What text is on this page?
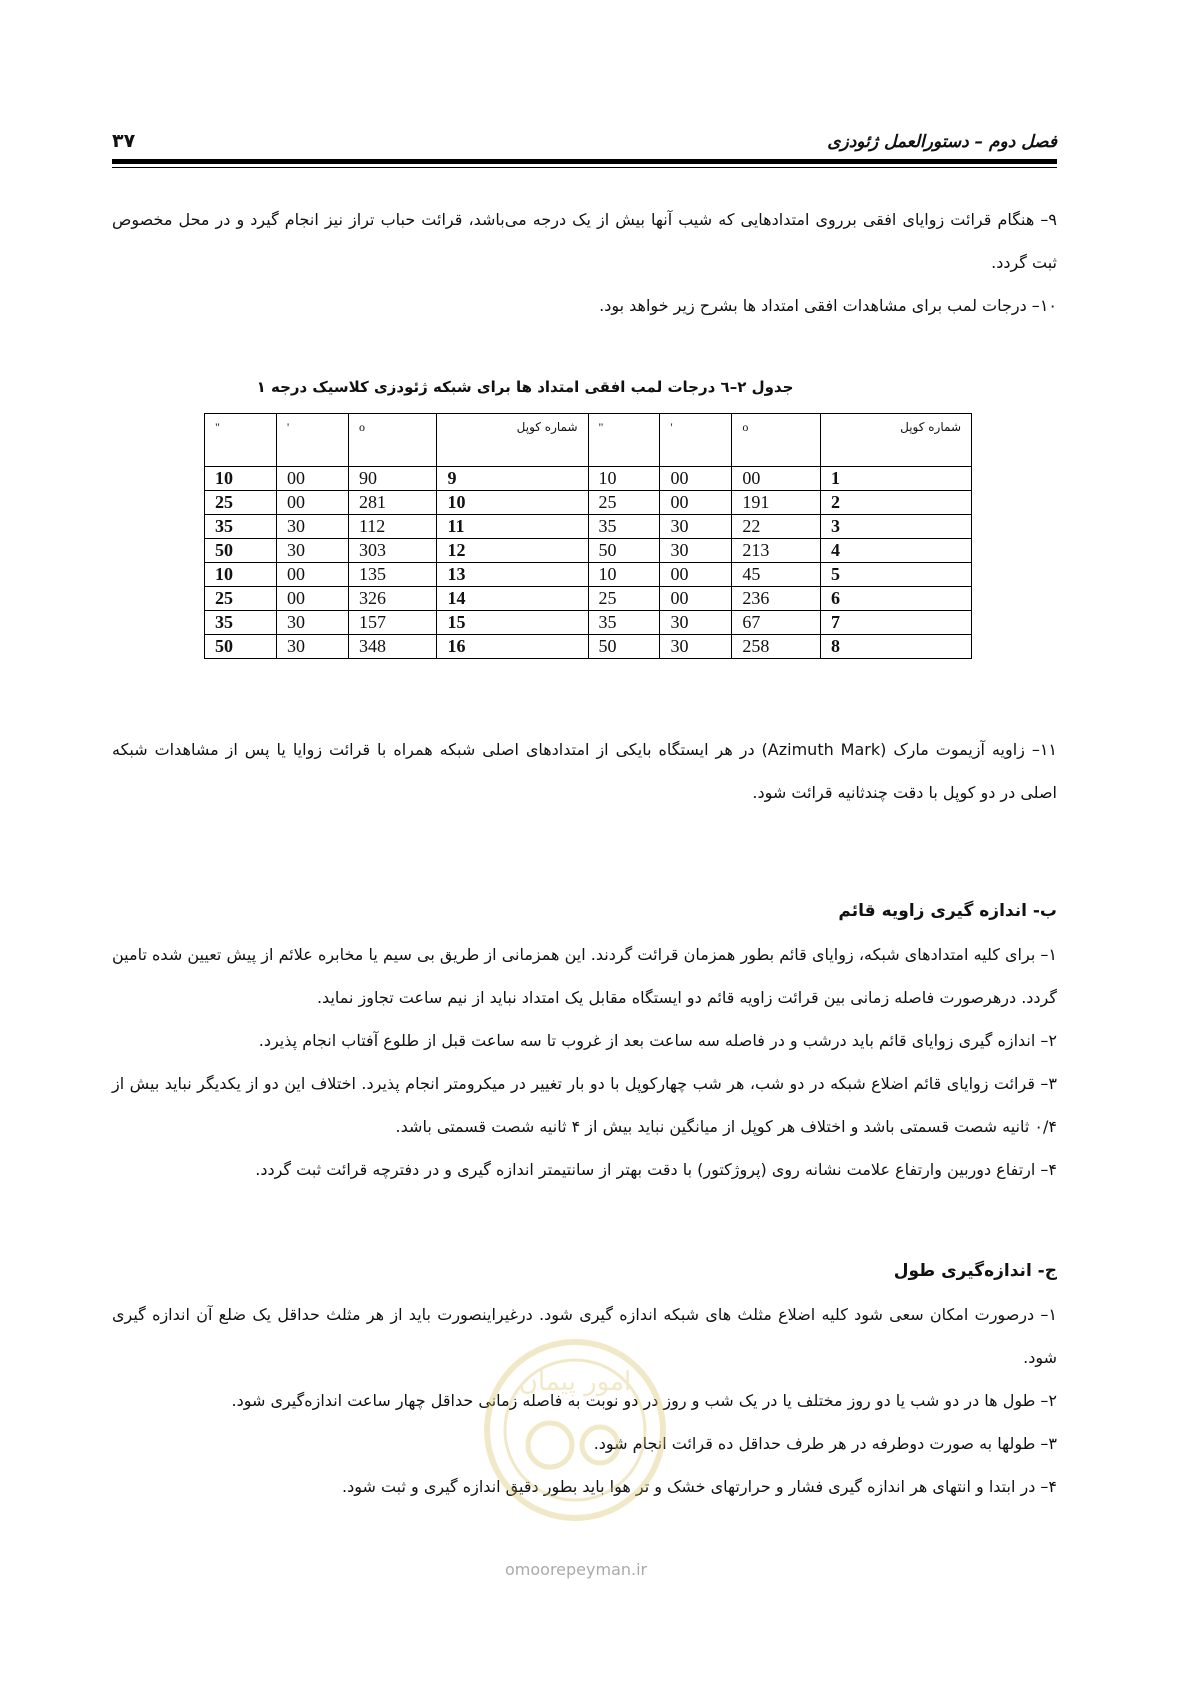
فصل دوم – دستورالعمل ژئودزی
۳۷

۹– هنگام قرائت زوایای افقی برروی امتدادهایی که شیب آنها بیش از یک درجه می‌باشد، قرائت حباب تراز نیز انجام گیرد و در محل مخصوص ثبت گردد.

۱۰– درجات لمب برای مشاهدات افقی امتداد ها بشرح زیر خواهد بود.

جدول ۲–٦ درجات لمب افقی امتداد ها برای شبکه ژئودزی کلاسیک درجه ۱
شماره کوپل	o	'	"	شماره کوپل	o	'	"
1	00	00	10	9	90	00	10
2	191	00	25	10	281	00	25
3	22	30	35	11	112	30	35
4	213	30	50	12	303	30	50
5	45	00	10	13	135	00	10
6	236	00	25	14	326	00	25
7	67	30	35	15	157	30	35
8	258	30	50	16	348	30	50

۱۱– زاویه آزیموت مارک (Azimuth Mark) در هر ایستگاه بایکی از امتدادهای اصلی شبکه همراه با قرائت زوایا یا پس از مشاهدات شبکه اصلی در دو کوپل با دقت چندثانیه قرائت شود.

ب- اندازه گیری زاویه قائم

۱– برای کلیه امتدادهای شبکه، زوایای قائم بطور همزمان قرائت گردند. این همزمانی از طریق بی سیم یا مخابره علائم از پیش تعیین شده تامین گردد. درهرصورت فاصله زمانی بین قرائت زاویه قائم دو ایستگاه مقابل یک امتداد نباید از نیم ساعت تجاوز نماید.

۲– اندازه گیری زوایای قائم باید درشب و در فاصله سه ساعت بعد از غروب تا سه ساعت قبل از طلوع آفتاب انجام پذیرد.

۳– قرائت زوایای قائم اضلاع شبکه در دو شب، هر شب چهارکوپل با دو بار تغییر در میکرومتر انجام پذیرد. اختلاف این دو از یکدیگر نباید بیش از ۰/۴ ثانیه شصت قسمتی باشد و اختلاف هر کوپل از میانگین نباید بیش از ۴ ثانیه شصت قسمتی باشد.

۴– ارتفاع دوربین وارتفاع علامت نشانه روی (پروژکتور) با دقت بهتر از سانتیمتر اندازه گیری و در دفترچه قرائت ثبت گردد.

ج- اندازه‌گیری طول

۱– درصورت امکان سعی شود کلیه اضلاع مثلث های شبکه اندازه گیری شود. درغیراینصورت باید از هر مثلث حداقل یک ضلع آن اندازه گیری شود.

۲– طول ها در دو شب یا دو روز مختلف یا در یک شب و روز در دو نوبت به فاصله زمانی حداقل چهار ساعت اندازه‌گیری شود.

۳– طولها به صورت دوطرفه در هر طرف حداقل ده قرائت انجام شود.

۴– در ابتدا و انتهای هر اندازه گیری فشار و حرارتهای خشک و تر هوا باید بطور دقیق اندازه گیری و ثبت شود.

امور پیمان
omoorepeyman.ir
